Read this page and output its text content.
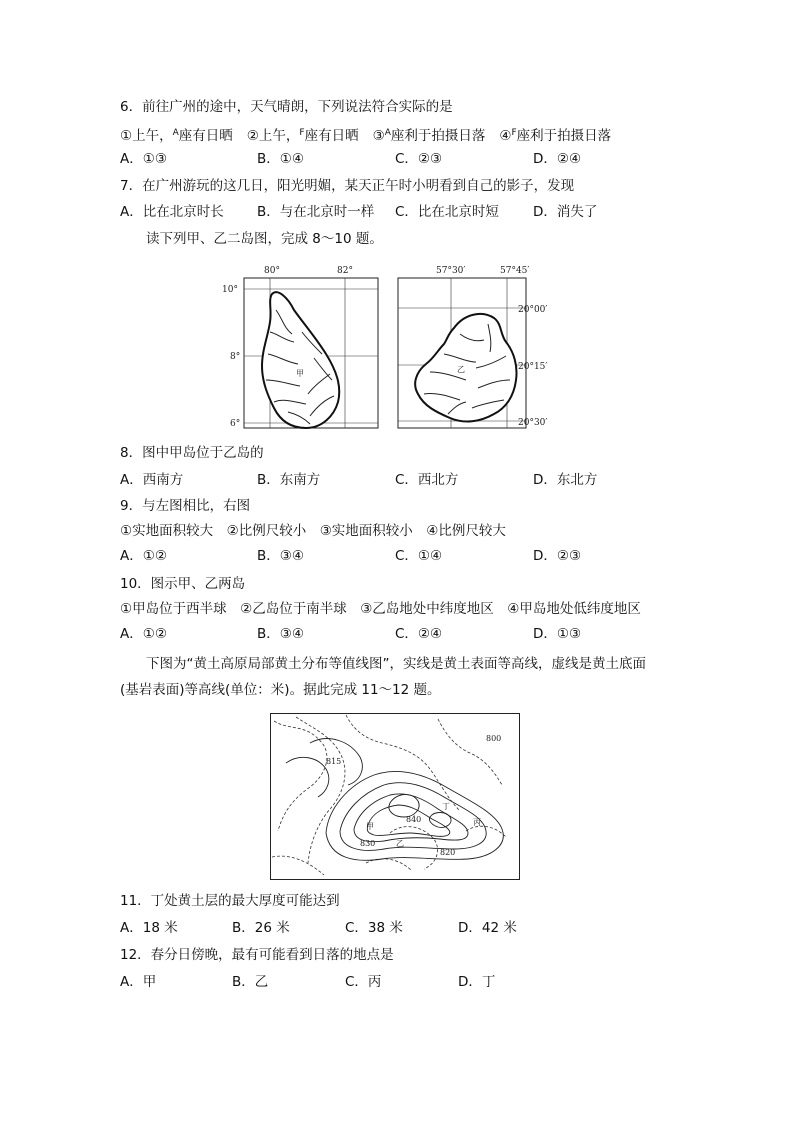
6．前往广州的途中，天气晴朗，下列说法符合实际的是
①上午，$^A$座有日晒 ②上午，$^F$座有日晒 ③$^A$座利于拍摄日落 ④$^F$座利于拍摄日落
A．①③	B．①④	C．②③	D．②④
7．在广州游玩的这几日，阳光明媚，某天正午时小明看到自己的影子，发现
A．比在北京时长 B．与在北京时一样 C．比在北京时短	D．消失了
读下列甲、乙二岛图，完成 8～10 题。
80°	82°
10°
8°
6°
甲
57°30′	57°45′
20°00′
20°15′
20°30′
乙
8．图中甲岛位于乙岛的
A．西南方	B．东南方	C．西北方	D．东北方
9．与左图相比，右图
①实地面积较大　②比例尺较小　③实地面积较小　④比例尺较大
A．①②	B．③④	C．①④	D．②③
10．图示甲、乙两岛
①甲岛位于西半球　②乙岛位于南半球　③乙岛地处中纬度地区　④甲岛地处低纬度地区
A．①②	B．③④	C．②④	D．①③
下图为“黄土高原局部黄土分布等值线图”，实线是黄土表面等高线，虚线是黄土底面
(基岩表面)等高线(单位：米)。据此完成 11～12 题。
800
815
丁
840	丙
甲
830	乙
820
11．丁处黄土层的最大厚度可能达到
A．18 米	B．26 米	C．38 米	D．42 米
12．春分日傍晚，最有可能看到日落的地点是
A．甲	B．乙	C．丙	D．丁
